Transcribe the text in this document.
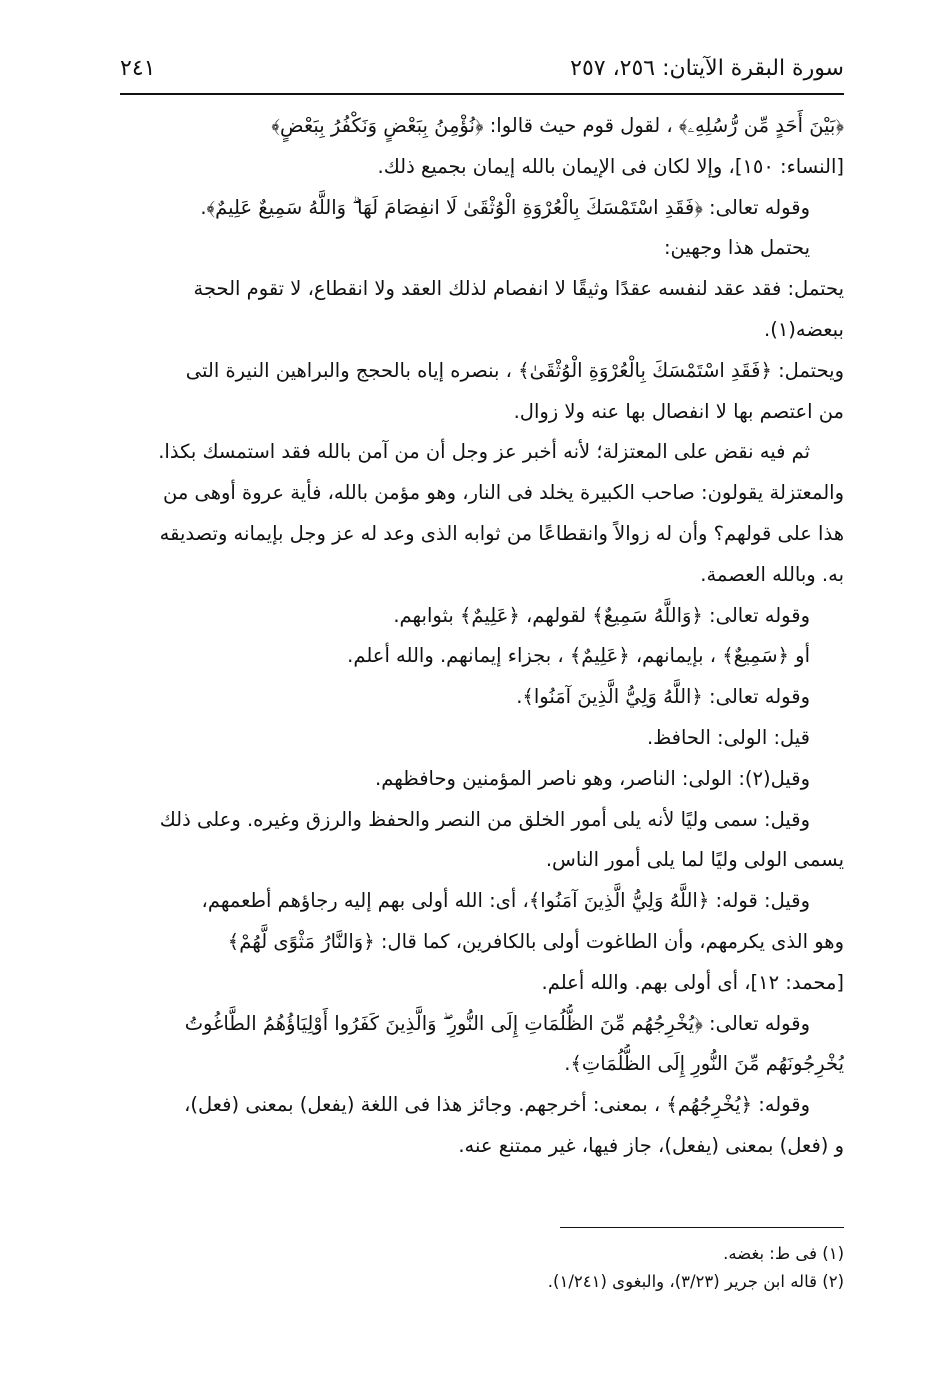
سورة البقرة الآيتان: ٢٥٦، ٢٥٧
٢٤١
﴿بَيْنَ أَحَدٍ مِّن رُّسُلِهِۦ﴾ ، لقول قوم حيث قالوا: ﴿نُؤْمِنُ بِبَعْضٍ وَنَكْفُرُ بِبَعْضٍ﴾
[النساء: ١٥٠]، وإلا لكان فى الإيمان بالله إيمان بجميع ذلك.
وقوله تعالى: ﴿فَقَدِ اسْتَمْسَكَ بِالْعُرْوَةِ الْوُثْقَىٰ لَا انفِصَامَ لَهَا ۗ وَاللَّهُ سَمِيعٌ عَلِيمٌ﴾.
يحتمل هذا وجهين:
يحتمل: فقد عقد لنفسه عقدًا وثيقًا لا انفصام لذلك العقد ولا انقطاع، لا تقوم الحجة
ببعضه(١).
ويحتمل: ﴿فَقَدِ اسْتَمْسَكَ بِالْعُرْوَةِ الْوُثْقَىٰ﴾ ، بنصره إياه بالحجج والبراهين النيرة التى
من اعتصم بها لا انفصال بها عنه ولا زوال.
ثم فيه نقض على المعتزلة؛ لأنه أخبر عز وجل أن من آمن بالله فقد استمسك بكذا.
والمعتزلة يقولون: صاحب الكبيرة يخلد فى النار، وهو مؤمن بالله، فأية عروة أوهى من
هذا على قولهم؟ وأن له زوالاً وانقطاعًا من ثوابه الذى وعد له عز وجل بإيمانه وتصديقه
به. وبالله العصمة.
وقوله تعالى: ﴿وَاللَّهُ سَمِيعٌ﴾ لقولهم، ﴿عَلِيمٌ﴾ بثوابهم.
أو ﴿سَمِيعٌ﴾ ، بإيمانهم، ﴿عَلِيمٌ﴾ ، بجزاء إيمانهم. والله أعلم.
وقوله تعالى: ﴿اللَّهُ وَلِيُّ الَّذِينَ آمَنُوا﴾.
قيل: الولى: الحافظ.
وقيل(٢): الولى: الناصر، وهو ناصر المؤمنين وحافظهم.
وقيل: سمى وليًا لأنه يلى أمور الخلق من النصر والحفظ والرزق وغيره. وعلى ذلك
يسمى الولى وليًا لما يلى أمور الناس.
وقيل: قوله: ﴿اللَّهُ وَلِيُّ الَّذِينَ آمَنُوا﴾، أى: الله أولى بهم إليه رجاؤهم أطعمهم،
وهو الذى يكرمهم، وأن الطاغوت أولى بالكافرين، كما قال: ﴿وَالنَّارُ مَثْوًى لَّهُمْ﴾
[محمد: ١٢]، أى أولى بهم. والله أعلم.
وقوله تعالى: ﴿يُخْرِجُهُم مِّنَ الظُّلُمَاتِ إِلَى النُّورِ ۖ وَالَّذِينَ كَفَرُوا أَوْلِيَاؤُهُمُ الطَّاغُوتُ
يُخْرِجُونَهُم مِّنَ النُّورِ إِلَى الظُّلُمَاتِ﴾.
وقوله: ﴿يُخْرِجُهُم﴾ ، بمعنى: أخرجهم. وجائز هذا فى اللغة (يفعل) بمعنى (فعل)،
و (فعل) بمعنى (يفعل)، جاز فيها، غير ممتنع عنه.
(١) فى ط: بغضه.
(٢) قاله ابن جرير (٣/٢٣)، والبغوى (١/٢٤١).
